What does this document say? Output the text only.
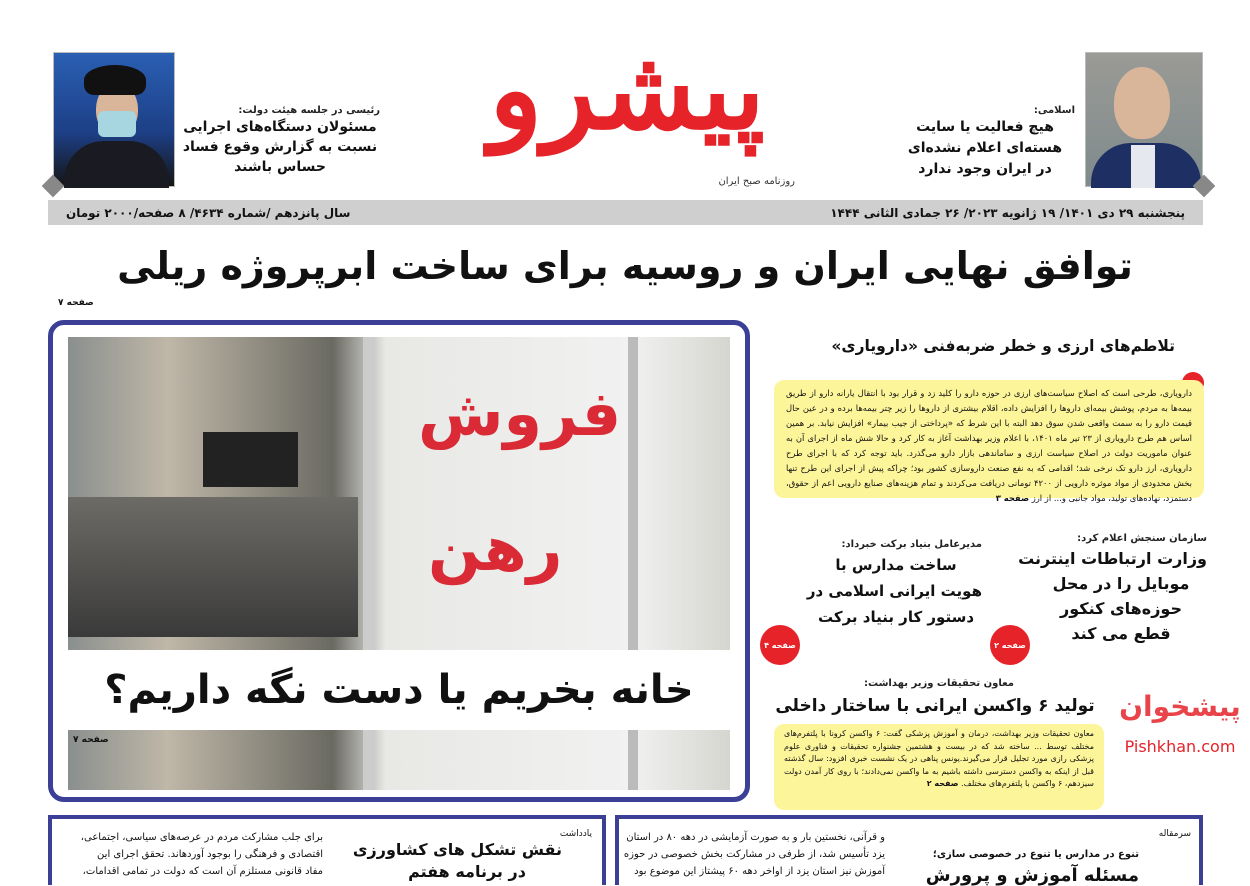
رئیسی در جلسه هیئت دولت:
مسئولان دستگاه‌های اجرایی
نسبت به گزارش وقوع فساد
حساس باشند
پیشرو
روزنامه صبح ایران
اسلامی:
هیچ فعالیت یا سایت
هسته‌ای اعلام نشده‌ای
در ایران وجود ندارد
پنجشنبه ۲۹ دی ۱۴۰۱/ ۱۹ ژانویه ۲۰۲۳/ ۲۶ جمادی الثانی ۱۴۴۴
سال پانزدهم /شماره ۴۶۳۴/ ۸ صفحه/۲۰۰۰ تومان
توافق نهایی ایران و روسیه برای ساخت ابرپروژه ریلی
صفحه ۷
فروش
رهن
خانه بخریم یا دست نگه داریم؟
صفحه ۷
تلاطم‌های ارزی و خطر ضربه‌فنی «دارویاری»
دارویاری، طرحی است که اصلاح سیاست‌های ارزی در حوزه دارو را کلید زد و قرار بود با انتقال یارانه دارو از طریق بیمه‌ها به مردم، پوشش بیمه‌ای داروها را افزایش داده، اقلام بیشتری از داروها را زیر چتر بیمه‌ها برده و در عین حال قیمت دارو را به سمت واقعی شدن سوق دهد البته با این شرط که «پرداختی از جیب بیمار» افزایش نیابد. بر همین اساس هم طرح دارویاری از ۲۳ تیر ماه ۱۴۰۱، با اعلام وزیر بهداشت آغاز به کار کرد و حالا شش ماه از اجرای آن به عنوان ماموریت دولت در اصلاح سیاست ارزی و ساماندهی بازار دارو می‌گذرد. باید توجه کرد که با اجرای طرح دارویاری، ارز دارو تک نرخی شد؛ اقدامی که به نفع صنعت داروسازی کشور بود؛ چراکه پیش از اجرای این طرح تنها بخش محدودی از مواد موثره دارویی از ۴۲۰۰ تومانی دریافت می‌کردند و تمام هزینه‌های صنایع دارویی اعم از حقوق، دستمزد، نهاده‌های تولید، مواد جانبی و... از ارز صفحه ۳
سازمان سنجش اعلام کرد:
وزارت ارتباطات اینترنت
موبایل را در محل
حوزه‌های کنکور
قطع می کند
صفحه ۲
مدیرعامل بنیاد برکت خبرداد:
ساخت مدارس با
هویت ایرانی اسلامی در
دستور کار بنیاد برکت
صفحه ۴
معاون تحقیقات وزیر بهداشت:
تولید ۶ واکسن ایرانی با ساختار داخلی
معاون تحقیقات وزیر بهداشت، درمان و آموزش پزشکی گفت: ۶ واکسن کرونا با پلتفرم‌های مختلف توسط ... ساخته شد که در بیست و هشتمین جشنواره تحقیقات و فناوری علوم پزشکی رازی مورد تجلیل قرار می‌گیرند.یونس پناهی در یک نشست خبری افزود: سال گذشته قبل از اینکه به واکسن دسترسی داشته باشیم به ما واکسن نمی‌دادند؛ با روی کار آمدن دولت سیزدهم، ۶ واکسن با پلتفرم‌های مختلف. صفحه ۲
پیشخوان
Pishkhan.com
سرمقاله
تنوع در مدارس یا تنوع در خصوصی سازی؛
مسئله آموزش و پرورش
و قرآنی، نخستین بار و به صورت آزمایشی در دهه ۸۰ در استان
یزد تأسیس شد، از طرفی در مشارکت بخش خصوصی در حوزه
آموزش نیز استان یزد از اواخر دهه ۶۰ پیشتاز این موضوع بود
یادداشت
نقش تشکل های کشاورزی
در برنامه هفتم
برای جلب مشارکت مردم در عرصه‌های سیاسی، اجتماعی،
اقتصادی و فرهنگی را بوجود آوردهاند. تحقق اجرای این
مفاد قانونی مستلزم آن است که دولت در تمامی اقدامات،
